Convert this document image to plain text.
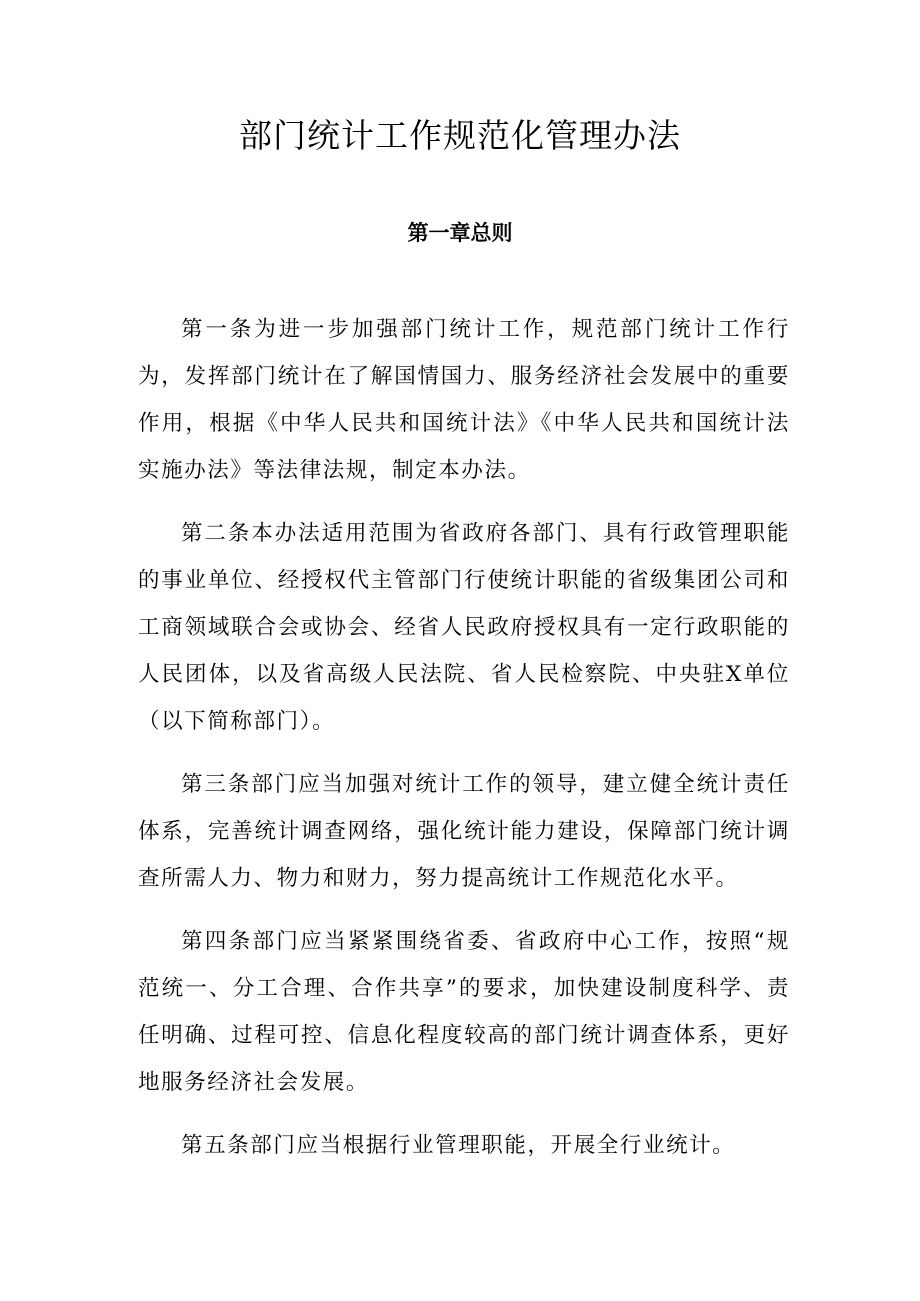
部门统计工作规范化管理办法
第一章总则

第一条为进一步加强部门统计工作，规范部门统计工作行为，发挥部门统计在了解国情国力、服务经济社会发展中的重要作用，根据《中华人民共和国统计法》《中华人民共和国统计法实施办法》等法律法规，制定本办法。

第二条本办法适用范围为省政府各部门、具有行政管理职能的事业单位、经授权代主管部门行使统计职能的省级集团公司和工商领域联合会或协会、经省人民政府授权具有一定行政职能的人民团体，以及省高级人民法院、省人民检察院、中央驻X单位（以下简称部门）。

第三条部门应当加强对统计工作的领导，建立健全统计责任体系，完善统计调查网络，强化统计能力建设，保障部门统计调查所需人力、物力和财力，努力提高统计工作规范化水平。

第四条部门应当紧紧围绕省委、省政府中心工作，按照“规范统一、分工合理、合作共享”的要求，加快建设制度科学、责任明确、过程可控、信息化程度较高的部门统计调查体系，更好地服务经济社会发展。

第五条部门应当根据行业管理职能，开展全行业统计。
